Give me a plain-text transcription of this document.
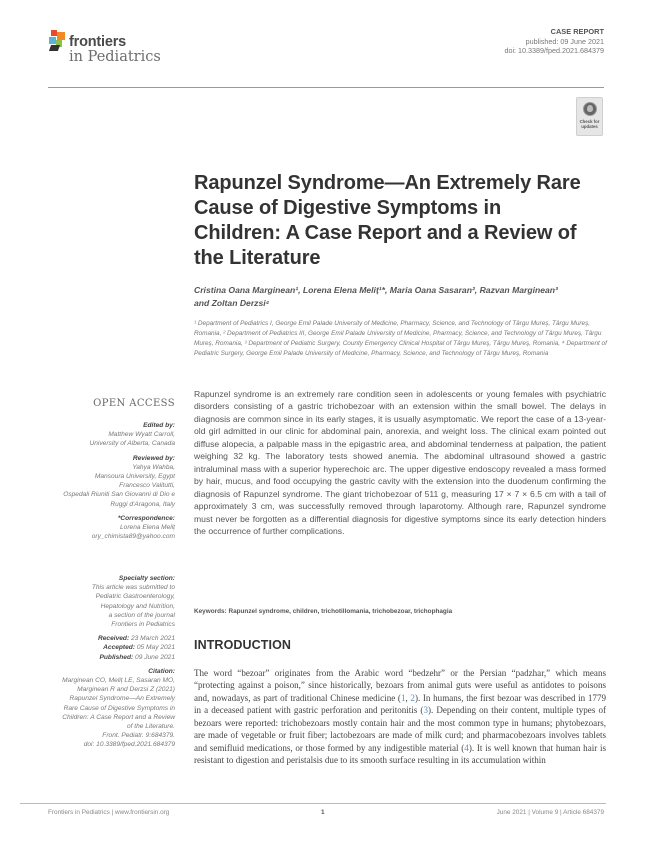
frontiers
in Pediatrics
CASE REPORT
published: 09 June 2021
doi: 10.3389/fped.2021.684379
Check for updates
Rapunzel Syndrome—An Extremely Rare Cause of Digestive Symptoms in Children: A Case Report and a Review of the Literature
Cristina Oana Marginean¹, Lorena Elena Meliț¹*, Maria Oana Sasaran², Razvan Marginean³ and Zoltan Derzsi⁴
¹ Department of Pediatrics I, George Emil Palade University of Medicine, Pharmacy, Science, and Technology of Târgu Mureş, Târgu Mureş, Romania, ² Department of Pediatrics III, George Emil Palade University of Medicine, Pharmacy, Science, and Technology of Târgu Mureş, Târgu Mureş, Romania, ³ Department of Pediatric Surgery, County Emergency Clinical Hospital of Târgu Mureş, Târgu Mureş, Romania, ⁴ Department of Pediatric Surgery, George Emil Palade University of Medicine, Pharmacy, Science, and Technology of Târgu Mureş, Romania
OPEN ACCESS
Edited by:
Matthew Wyatt Carroll,
University of Alberta, Canada
Reviewed by:
Yahya Wahba,
Mansoura University, Egypt
Francesco Valitutti,
Ospedali Riuniti San Giovanni di Dio e
Ruggi d'Aragona, Italy
*Correspondence:
Lorena Elena Meliț
ory_chimista89@yahoo.com
Specialty section:
This article was submitted to
Pediatric Gastroenterology,
Hepatology and Nutrition,
a section of the journal
Frontiers in Pediatrics
Received: 23 March 2021
Accepted: 05 May 2021
Published: 09 June 2021
Citation:
Marginean CO, Meliț LE, Sasaran MO,
Marginean R and Derzsi Z (2021)
Rapunzel Syndrome—An Extremely
Rare Cause of Digestive Symptoms in
Children: A Case Report and a Review
of the Literature.
Front. Pediatr. 9:684379.
doi: 10.3389/fped.2021.684379
Rapunzel syndrome is an extremely rare condition seen in adolescents or young females with psychiatric disorders consisting of a gastric trichobezoar with an extension within the small bowel. The delays in diagnosis are common since in its early stages, it is usually asymptomatic. We report the case of a 13-year-old girl admitted in our clinic for abdominal pain, anorexia, and weight loss. The clinical exam pointed out diffuse alopecia, a palpable mass in the epigastric area, and abdominal tenderness at palpation, the patient weighing 32 kg. The laboratory tests showed anemia. The abdominal ultrasound showed a gastric intraluminal mass with a superior hyperechoic arc. The upper digestive endoscopy revealed a mass formed by hair, mucus, and food occupying the gastric cavity with the extension into the duodenum confirming the diagnosis of Rapunzel syndrome. The giant trichobezoar of 511 g, measuring 17 × 7 × 6.5 cm with a tail of approximately 3 cm, was successfully removed through laparotomy. Although rare, Rapunzel syndrome must never be forgotten as a differential diagnosis for digestive symptoms since its early detection hinders the occurrence of further complications.
Keywords: Rapunzel syndrome, children, trichotillomania, trichobezoar, trichophagia
INTRODUCTION
The word “bezoar” originates from the Arabic word “bedzehr” or the Persian “padzhar,” which means “protecting against a poison,” since historically, bezoars from animal guts were useful as antidotes to poisons and, nowadays, as part of traditional Chinese medicine (1, 2). In humans, the first bezoar was described in 1779 in a deceased patient with gastric perforation and peritonitis (3). Depending on their content, multiple types of bezoars were reported: trichobezoars mostly contain hair and the most common type in humans; phytobezoars, are made of vegetable or fruit fiber; lactobezoars are made of milk curd; and pharmacobezoars involves tablets and semifluid medications, or those formed by any indigestible material (4). It is well known that human hair is resistant to digestion and peristalsis due to its smooth surface resulting in its accumulation within
Frontiers in Pediatrics | www.frontiersin.org	1	June 2021 | Volume 9 | Article 684379
